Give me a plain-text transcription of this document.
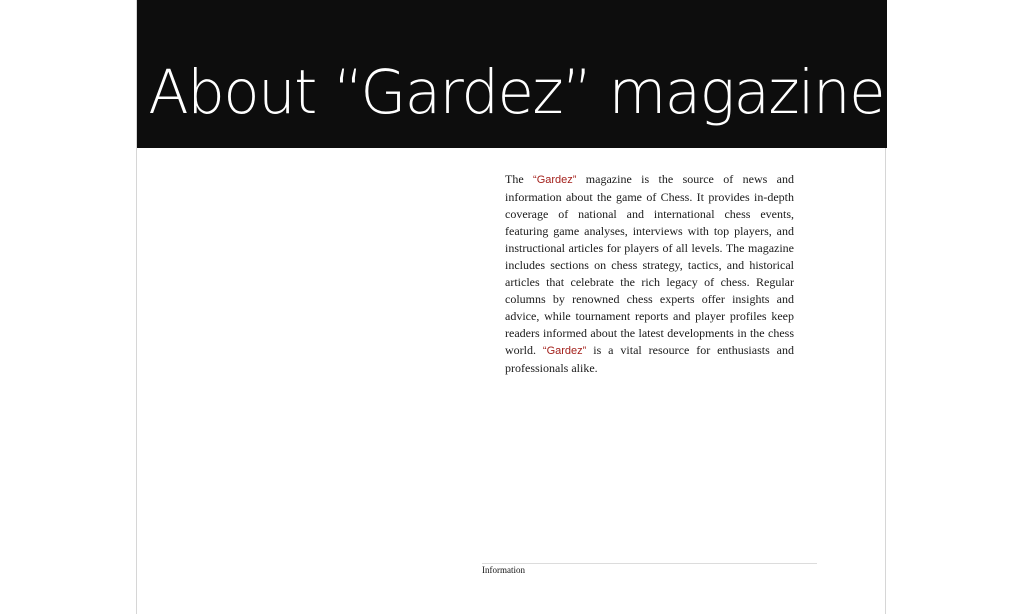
About “Gardez” magazine

The “Gardez” magazine is the source of news and information about the game of Chess. It provides in-depth coverage of national and international chess events, featuring game analyses, interviews with top players, and instructional articles for players of all levels. The magazine includes sections on chess strategy, tactics, and historical articles that celebrate the rich legacy of chess. Regular columns by renowned chess experts offer insights and advice, while tournament reports and player profiles keep readers informed about the latest developments in the chess world. “Gardez” is a vital resource for enthusiasts and professionals alike.

Information
